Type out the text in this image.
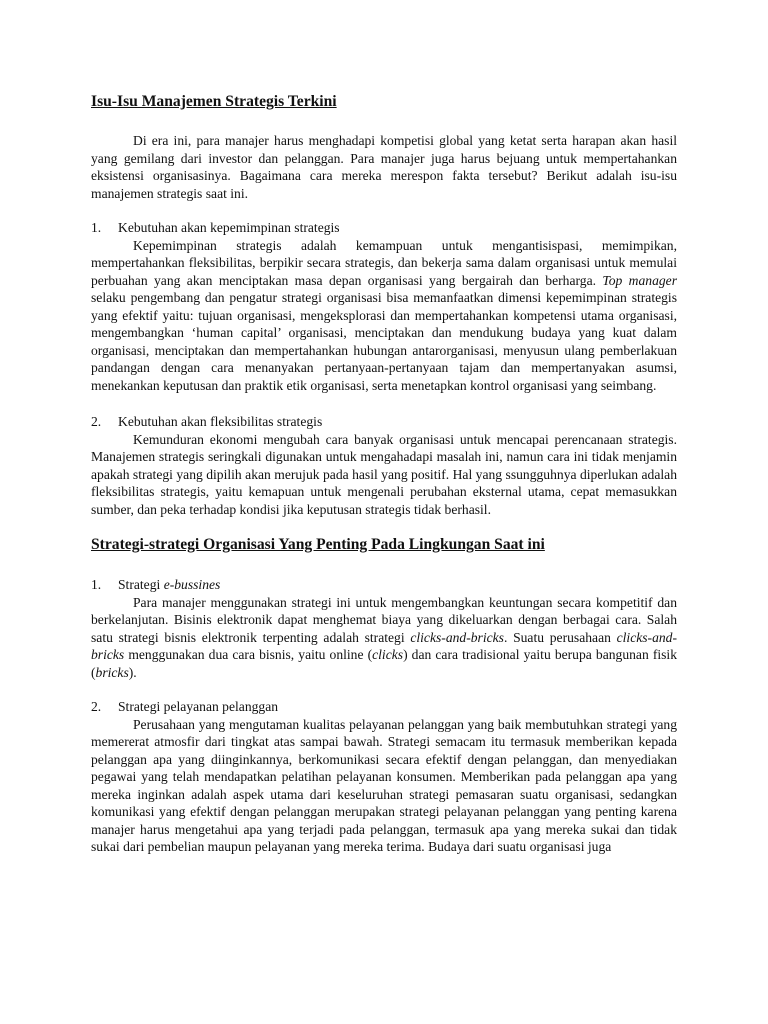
Isu-Isu Manajemen Strategis Terkini

Di era ini, para manajer harus menghadapi kompetisi global yang ketat serta harapan akan hasil yang gemilang dari investor dan pelanggan. Para manajer juga harus bejuang untuk mempertahankan eksistensi organisasinya. Bagaimana cara mereka merespon fakta tersebut? Berikut adalah isu-isu manajemen strategis saat ini.

1.	Kebutuhan akan kepemimpinan strategis

Kepemimpinan strategis adalah kemampuan untuk mengantisispasi, memimpikan, mempertahankan fleksibilitas, berpikir secara strategis, dan bekerja sama dalam organisasi untuk memulai perbuahan yang akan menciptakan masa depan organisasi yang bergairah dan berharga. Top manager selaku pengembang dan pengatur strategi organisasi bisa memanfaatkan dimensi kepemimpinan strategis yang efektif yaitu: tujuan organisasi, mengeksplorasi dan mempertahankan kompetensi utama organisasi, mengembangkan ‘human capital’ organisasi, menciptakan dan mendukung budaya yang kuat dalam organisasi, menciptakan dan mempertahankan hubungan antarorganisasi, menyusun ulang pemberlakuan pandangan dengan cara menanyakan pertanyaan-pertanyaan tajam dan mempertanyakan asumsi, menekankan keputusan dan praktik etik organisasi, serta menetapkan kontrol organisasi yang seimbang.

2.	Kebutuhan akan fleksibilitas strategis

Kemunduran ekonomi mengubah cara banyak organisasi untuk mencapai perencanaan strategis. Manajemen strategis seringkali digunakan untuk mengahadapi masalah ini, namun cara ini tidak menjamin apakah strategi yang dipilih akan merujuk pada hasil yang positif. Hal yang ssungguhnya diperlukan adalah fleksibilitas strategis, yaitu kemapuan untuk mengenali perubahan eksternal utama, cepat memasukkan sumber, dan peka terhadap kondisi jika keputusan strategis tidak berhasil.

Strategi-strategi Organisasi Yang Penting Pada Lingkungan Saat ini
1.	Strategi e-bussines

Para manajer menggunakan strategi ini untuk mengembangkan keuntungan secara kompetitif dan berkelanjutan. Bisinis elektronik dapat menghemat biaya yang dikeluarkan dengan berbagai cara. Salah satu strategi bisnis elektronik terpenting adalah strategi clicks-and-bricks. Suatu perusahaan clicks-and-bricks menggunakan dua cara bisnis, yaitu online (clicks) dan cara tradisional yaitu berupa bangunan fisik (bricks).

2.	Strategi pelayanan pelanggan

Perusahaan yang mengutaman kualitas pelayanan pelanggan yang baik membutuhkan strategi yang memererat atmosfir dari tingkat atas sampai bawah. Strategi semacam itu termasuk memberikan kepada pelanggan apa yang diinginkannya, berkomunikasi secara efektif dengan pelanggan, dan menyediakan pegawai yang telah mendapatkan pelatihan pelayanan konsumen. Memberikan pada pelanggan apa yang mereka inginkan adalah aspek utama dari keseluruhan strategi pemasaran suatu organisasi, sedangkan komunikasi yang efektif dengan pelanggan merupakan strategi pelayanan pelanggan yang penting karena manajer harus mengetahui apa yang terjadi pada pelanggan, termasuk apa yang mereka sukai dan tidak sukai dari pembelian maupun pelayanan yang mereka terima. Budaya dari suatu organisasi juga
